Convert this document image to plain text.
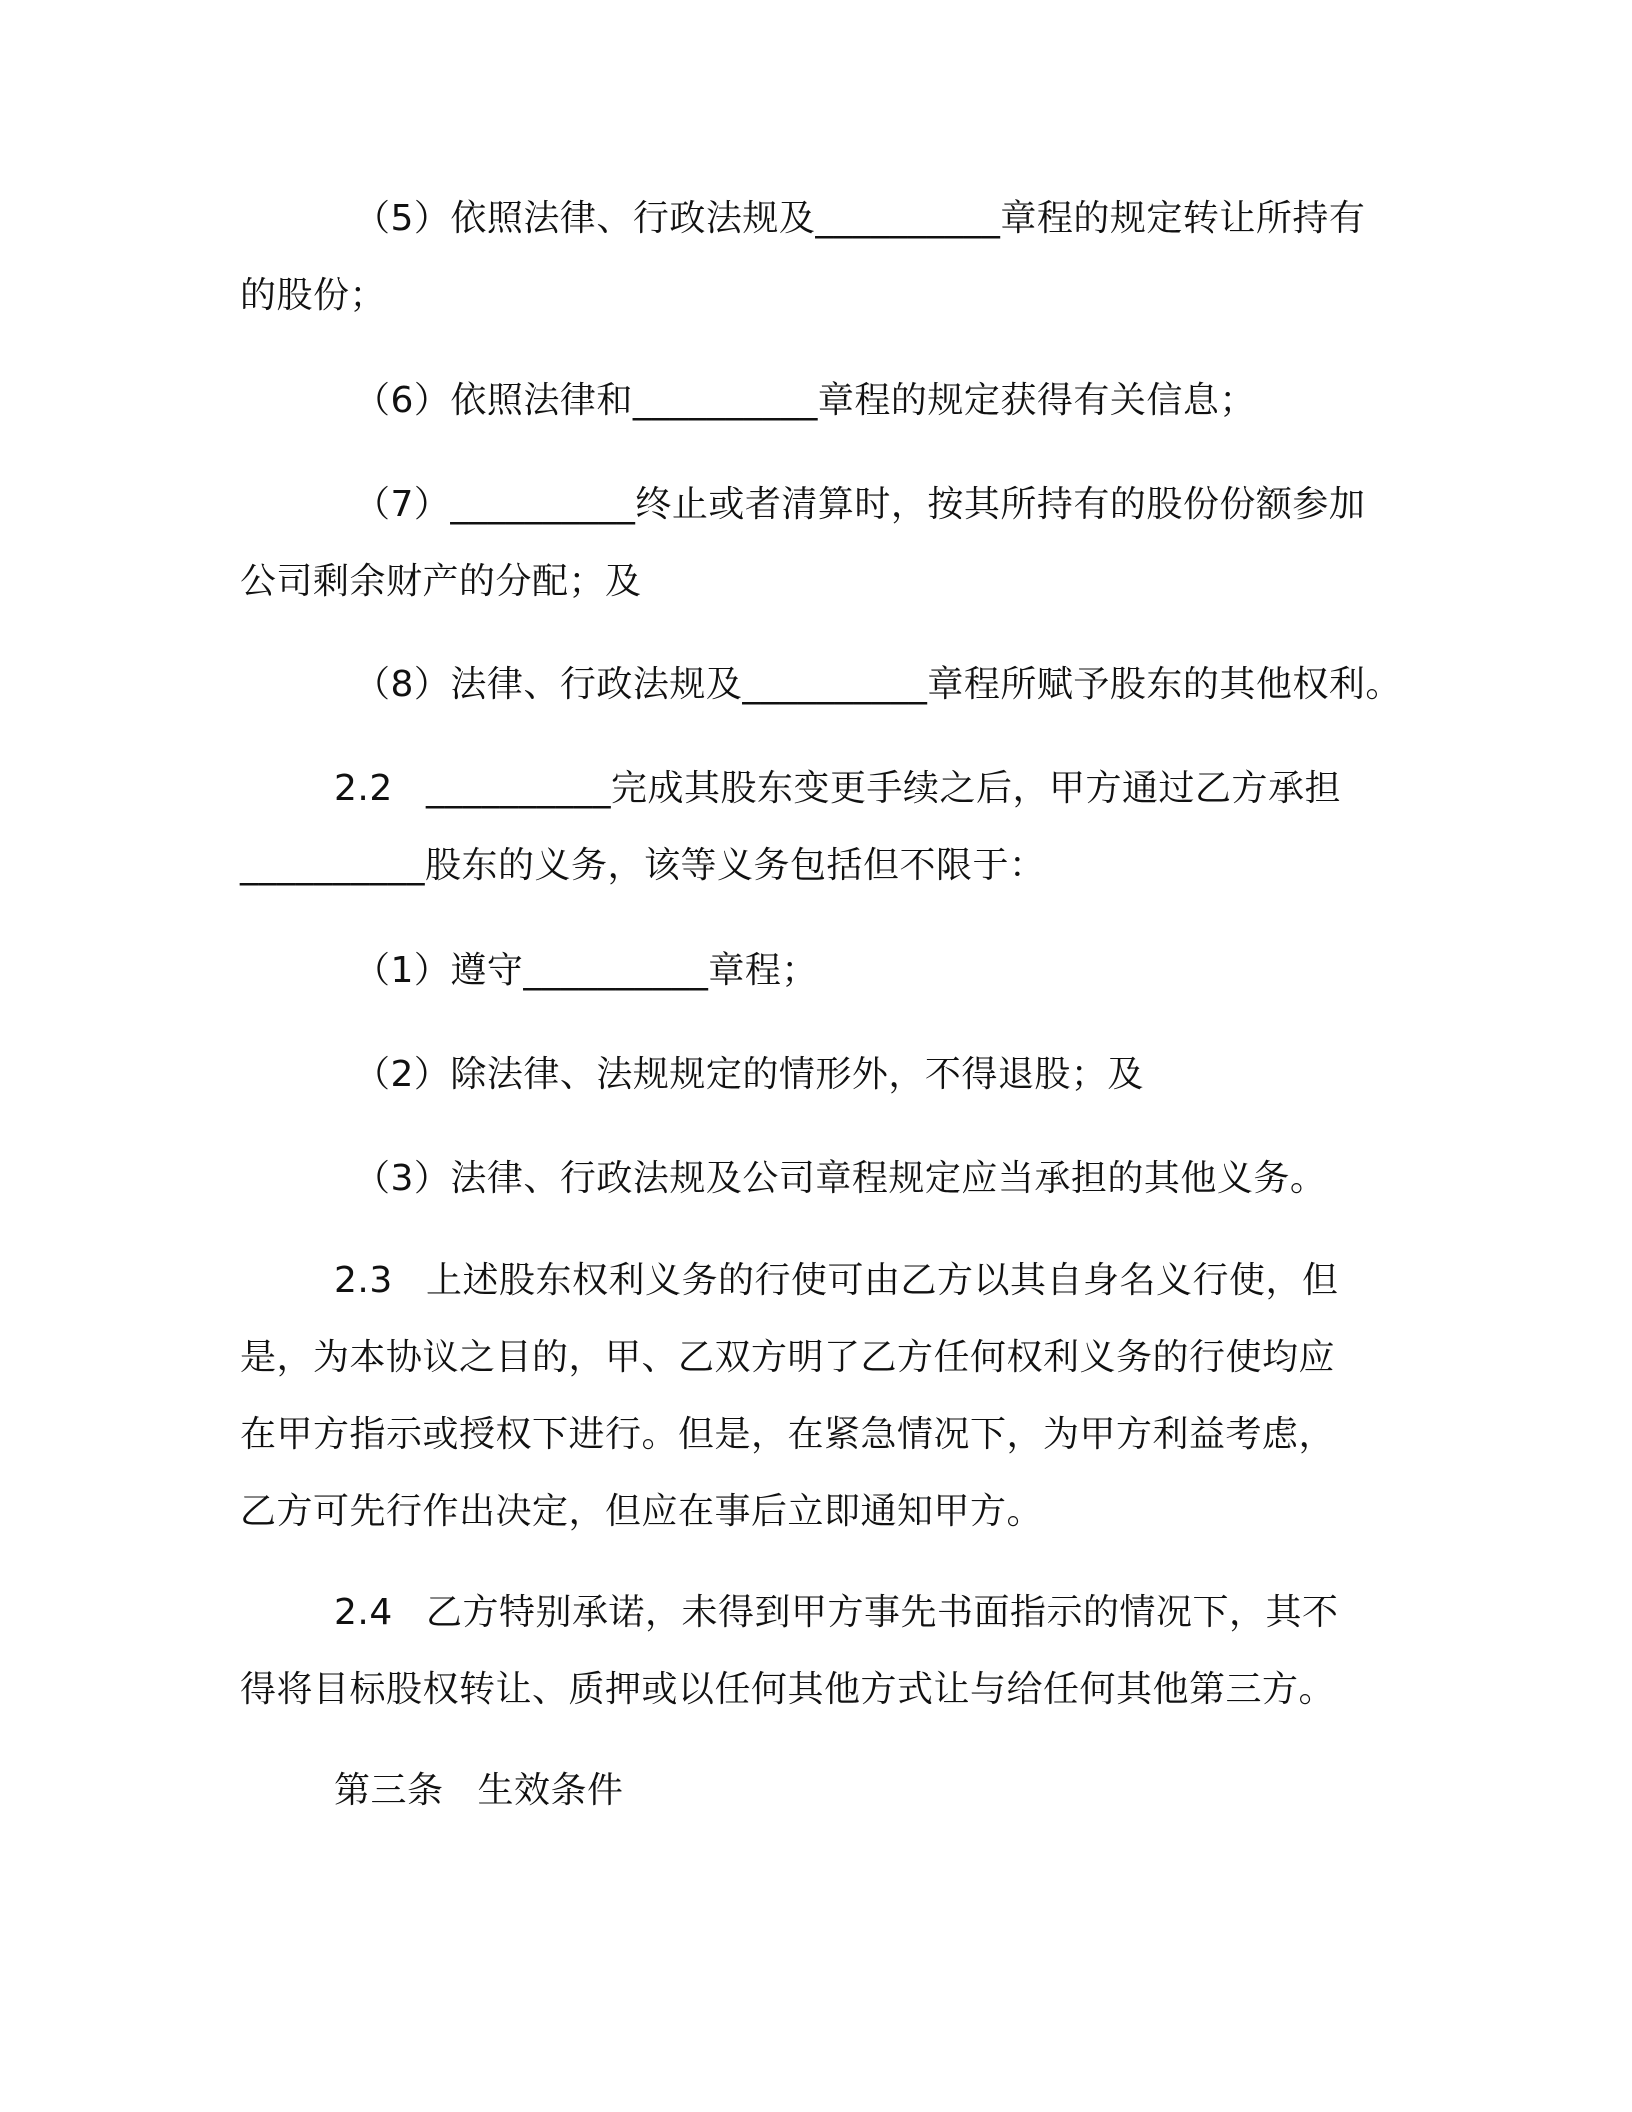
（5）依照法律、行政法规及__________章程的规定转让所持有
的股份；
（6）依照法律和__________章程的规定获得有关信息；
（7）__________终止或者清算时，按其所持有的股份份额参加
公司剩余财产的分配；及
（8）法律、行政法规及__________章程所赋予股东的其他权利。
2.2 __________完成其股东变更手续之后，甲方通过乙方承担
__________股东的义务，该等义务包括但不限于：
（1）遵守__________章程；
（2）除法律、法规规定的情形外，不得退股；及
（3）法律、行政法规及公司章程规定应当承担的其他义务。
2.3 上述股东权利义务的行使可由乙方以其自身名义行使，但
是，为本协议之目的，甲、乙双方明了乙方任何权利义务的行使均应
在甲方指示或授权下进行。但是，在紧急情况下，为甲方利益考虑，
乙方可先行作出决定，但应在事后立即通知甲方。
2.4 乙方特别承诺，未得到甲方事先书面指示的情况下，其不
得将目标股权转让、质押或以任何其他方式让与给任何其他第三方。
第三条 生效条件
